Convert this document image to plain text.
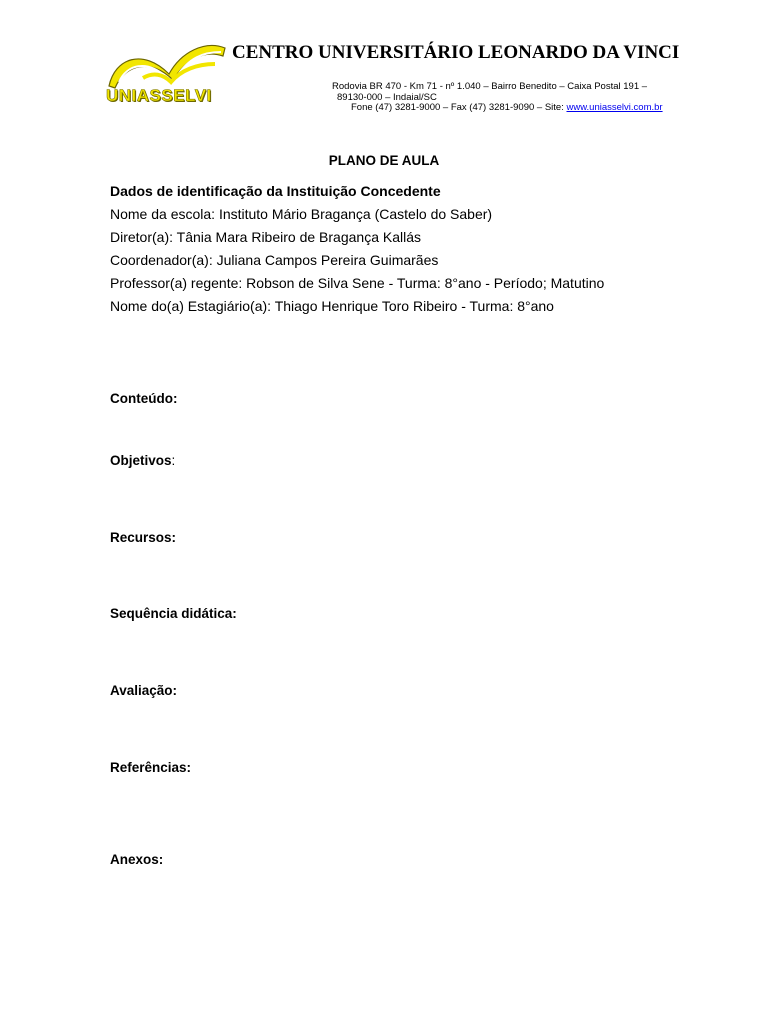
UNIASSELVI
CENTRO UNIVERSITÁRIO LEONARDO DA VINCI
Rodovia BR 470 - Km 71 - nº 1.040 – Bairro Benedito – Caixa Postal 191 –
89130-000 – Indaial/SC
Fone (47) 3281-9000 – Fax (47) 3281-9090 – Site: www.uniasselvi.com.br
PLANO DE AULA
Dados de identificação da Instituição Concedente
Nome da escola: Instituto Mário Bragança (Castelo do Saber)
Diretor(a): Tânia Mara Ribeiro de Bragança Kallás
Coordenador(a): Juliana Campos Pereira Guimarães
Professor(a) regente: Robson de Silva Sene - Turma: 8°ano - Período; Matutino
Nome do(a) Estagiário(a): Thiago Henrique Toro Ribeiro - Turma: 8°ano
Conteúdo:
Objetivos:
Recursos:
Sequência didática:
Avaliação:
Referências:
Anexos:
